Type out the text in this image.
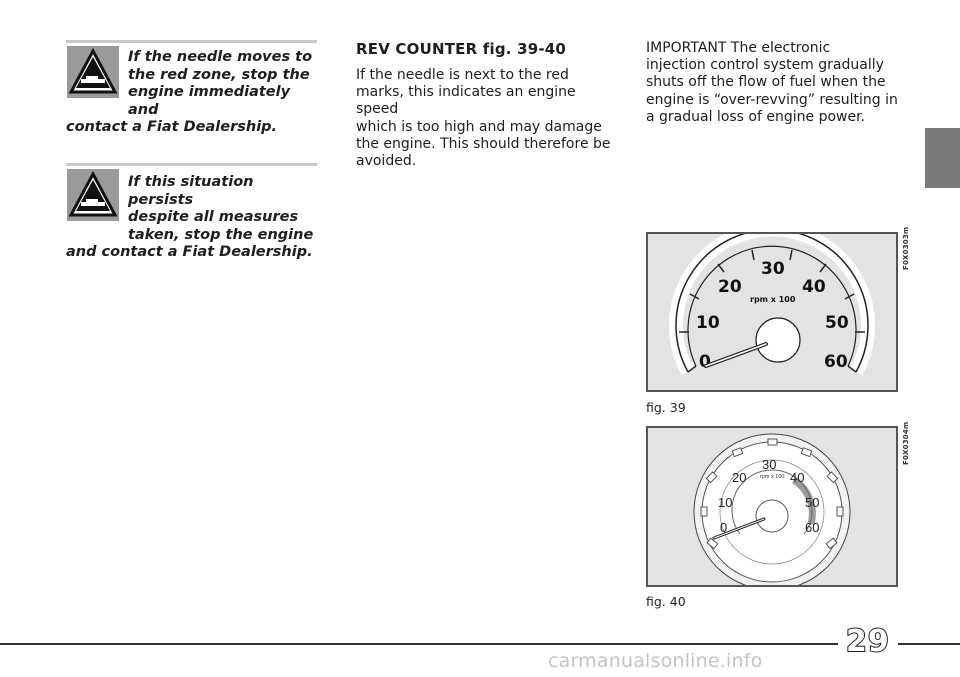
If the needle moves to
the red zone, stop the
engine immediately and
contact a Fiat Dealership.
If this situation persists
despite all measures
taken, stop the engine
and contact a Fiat Dealership.
REV COUNTER fig. 39-40
If the needle is next to the red
marks, this indicates an engine speed
which is too high and may damage
the engine. This should therefore be
avoided.
IMPORTANT The electronic
injection control system gradually
shuts off the flow of fuel when the
engine is “over-revving” resulting in
a gradual loss of engine power.
0
10
20
30
40
50
60
rpm x 100
F0X0303m
fig. 39
0
10
20
30
40
50
60
rpm x 100
F0X0304m
fig. 40
29
carmanualsonline.info
